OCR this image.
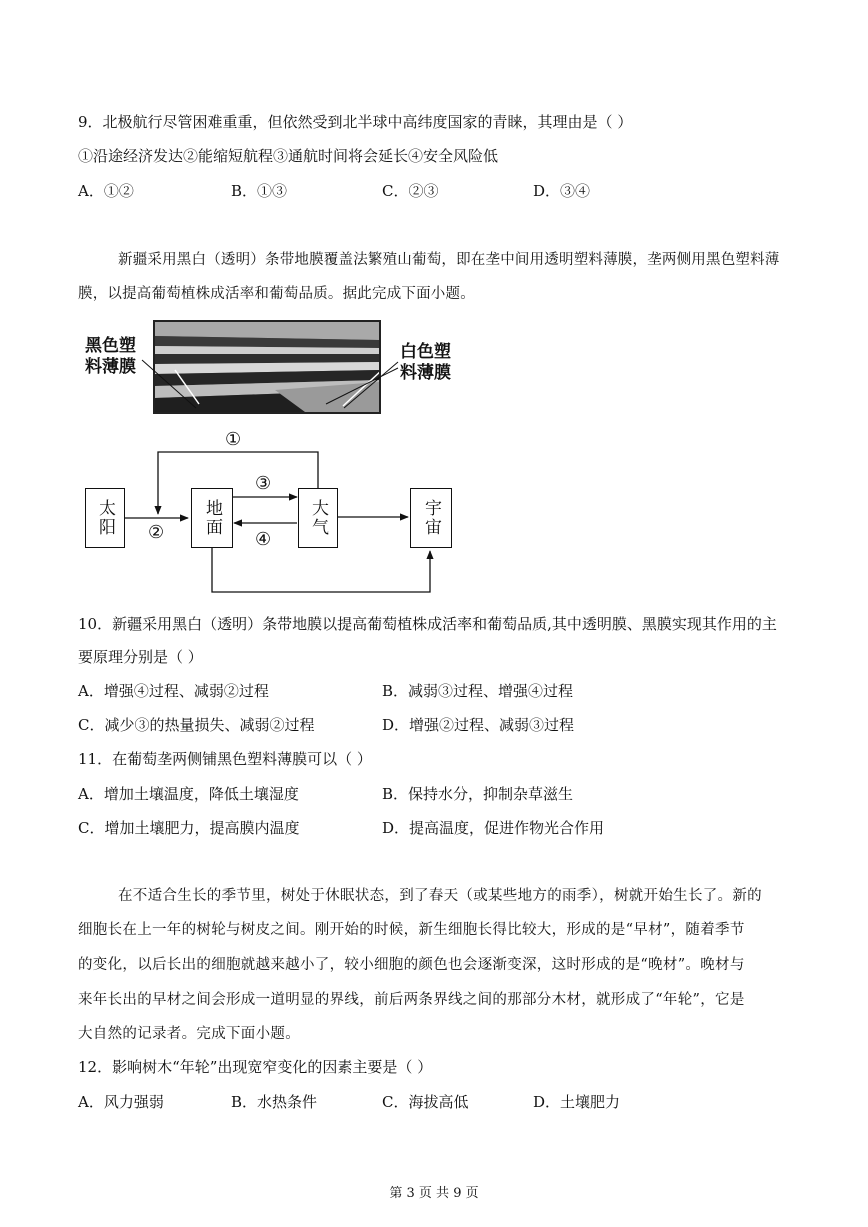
9．北极航行尽管困难重重，但依然受到北半球中高纬度国家的青睐，其理由是（ ）
①沿途经济发达②能缩短航程③通航时间将会延长④安全风险低
A．①②	B．①③	C．②③	D．③④
新疆采用黑白（透明）条带地膜覆盖法繁殖山葡萄，即在垄中间用透明塑料薄膜，垄两侧用黑色塑料薄
膜，以提高葡萄植株成活率和葡萄品质。据此完成下面小题。
黑色塑
料薄膜
白色塑
料薄膜
太阳	地面	大气	宇宙
①
②
③
④
10．新疆采用黑白（透明）条带地膜以提高葡萄植株成活率和葡萄品质,其中透明膜、黑膜实现其作用的主
要原理分别是（ ）
A．增强④过程、减弱②过程	B．减弱③过程、增强④过程
C．减少③的热量损失、减弱②过程	D．增强②过程、减弱③过程
11．在葡萄垄两侧铺黑色塑料薄膜可以（ ）
A．增加土壤温度，降低土壤湿度	B．保持水分，抑制杂草滋生
C．增加土壤肥力，提高膜内温度	D．提高温度，促进作物光合作用
在不适合生长的季节里，树处于休眠状态，到了春天（或某些地方的雨季），树就开始生长了。新的
细胞长在上一年的树轮与树皮之间。刚开始的时候，新生细胞长得比较大，形成的是“早材”，随着季节
的变化，以后长出的细胞就越来越小了，较小细胞的颜色也会逐渐变深，这时形成的是“晚材”。晚材与
来年长出的早材之间会形成一道明显的界线，前后两条界线之间的那部分木材，就形成了“年轮”，它是
大自然的记录者。完成下面小题。
12．影响树木“年轮”出现宽窄变化的因素主要是（ ）
A．风力强弱	B．水热条件	C．海拔高低	D．土壤肥力
第 3 页 共 9 页
